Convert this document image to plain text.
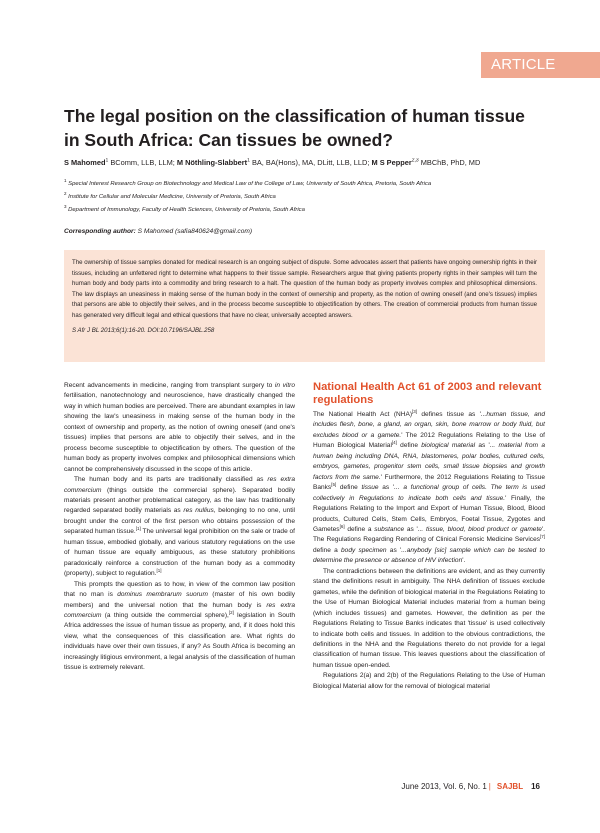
ARTICLE
The legal position on the classification of human tissue in South Africa: Can tissues be owned?
S Mahomed$^1$ BComm, LLB, LLM; M Nöthling-Slabbert$^1$ BA, BA(Hons), MA, DLitt, LLB, LLD; M S Pepper$^{2,3}$ MBChB, PhD, MD
$^1$ Special Interest Research Group on Biotechnology and Medical Law of the College of Law, University of South Africa, Pretoria, South Africa
$^2$ Institute for Cellular and Molecular Medicine, University of Pretoria, South Africa
$^3$ Department of Immunology, Faculty of Health Sciences, University of Pretoria, South Africa
Corresponding author: S Mahomed (safia840624@gmail.com)

The ownership of tissue samples donated for medical research is an ongoing subject of dispute. Some advocates assert that patients have ongoing ownership rights in their tissues, including an unfettered right to determine what happens to their tissue sample. Researchers argue that giving patients property rights in their samples will turn the human body and body parts into a commodity and bring research to a halt. The question of the human body as property involves complex and philosophical dimensions. The law displays an uneasiness in making sense of the human body in the context of ownership and property, as the notion of owning oneself (and one's tissues) implies that persons are able to objectify their selves, and in the process become susceptible to objectification by others. The creation of commercial products from human tissue has generated very difficult legal and ethical questions that have no clear, universally accepted answers.

S Afr J BL 2013;6(1):16-20. DOI:10.7196/SAJBL.258

Recent advancements in medicine, ranging from transplant surgery to in vitro fertilisation, nanotechnology and neuroscience, have drastically changed the way in which human bodies are perceived. There are abundant examples in law showing the law's uneasiness in making sense of the human body in the context of ownership and property, as the notion of owning oneself (and one's tissues) implies that persons are able to objectify their selves, and in the process become susceptible to objectification by others. The question of the human body as property involves complex and philosophical dimensions which cannot be comprehensively discussed in the scope of this article.

The human body and its parts are traditionally classified as res extra commercium (things outside the commercial sphere). Separated bodily materials present another problematical category, as the law has traditionally regarded separated bodily materials as res nullius, belonging to no one, until brought under the control of the first person who obtains possession of the separated human tissue.[1] The universal legal prohibition on the sale or trade of human tissue, embodied globally, and various statutory regulations on the use of human tissue are equally ambiguous, as these statutory prohibitions paradoxically reinforce a construction of the human body as a commodity (property), subject to regulation.[1]

This prompts the question as to how, in view of the common law position that no man is dominus membrarum suorum (master of his own bodily members) and the universal notion that the human body is res extra commercium (a thing outside the commercial sphere),[2] legislation in South Africa addresses the issue of human tissue as property, and, if it does hold this view, what the consequences of this classification are. What rights do individuals have over their own tissues, if any? As South Africa is becoming an increasingly litigious environment, a legal analysis of the classification of human tissue is extremely relevant.

National Health Act 61 of 2003 and relevant regulations

The National Health Act (NHA)[3] defines tissue as '...human tissue, and includes flesh, bone, a gland, an organ, skin, bone marrow or body fluid, but excludes blood or a gamete.' The 2012 Regulations Relating to the Use of Human Biological Material[4] define biological material as '... material from a human being including DNA, RNA, blastomeres, polar bodies, cultured cells, embryos, gametes, progenitor stem cells, small tissue biopsies and growth factors from the same.' Furthermore, the 2012 Regulations Relating to Tissue Banks[5] define tissue as '... a functional group of cells. The term is used collectively in Regulations to indicate both cells and tissue.' Finally, the Regulations Relating to the Import and Export of Human Tissue, Blood, Blood products, Cultured Cells, Stem Cells, Embryos, Foetal Tissue, Zygotes and Gametes[6] define a substance as '... tissue, blood, blood product or gamete'. The Regulations Regarding Rendering of Clinical Forensic Medicine Services[7] define a body specimen as '...anybody [sic] sample which can be tested to determine the presence or absence of HIV infection'.

The contradictions between the definitions are evident, and as they currently stand the definitions result in ambiguity. The NHA definition of tissues exclude gametes, while the definition of biological material in the Regulations Relating to the Use of Human Biological Material includes material from a human being (which includes tissues) and gametes. However, the definition as per the Regulations Relating to Tissue Banks indicates that 'tissue' is used collectively to indicate both cells and tissues. In addition to the obvious contradictions, the definitions in the NHA and the Regulations thereto do not provide for a legal classification of human tissue. This leaves questions about the classification of human tissue open-ended.

Regulations 2(a) and 2(b) of the Regulations Relating to the Use of Human Biological Material allow for the removal of biological material

June 2013, Vol. 6, No. 1 | SAJBL 16
